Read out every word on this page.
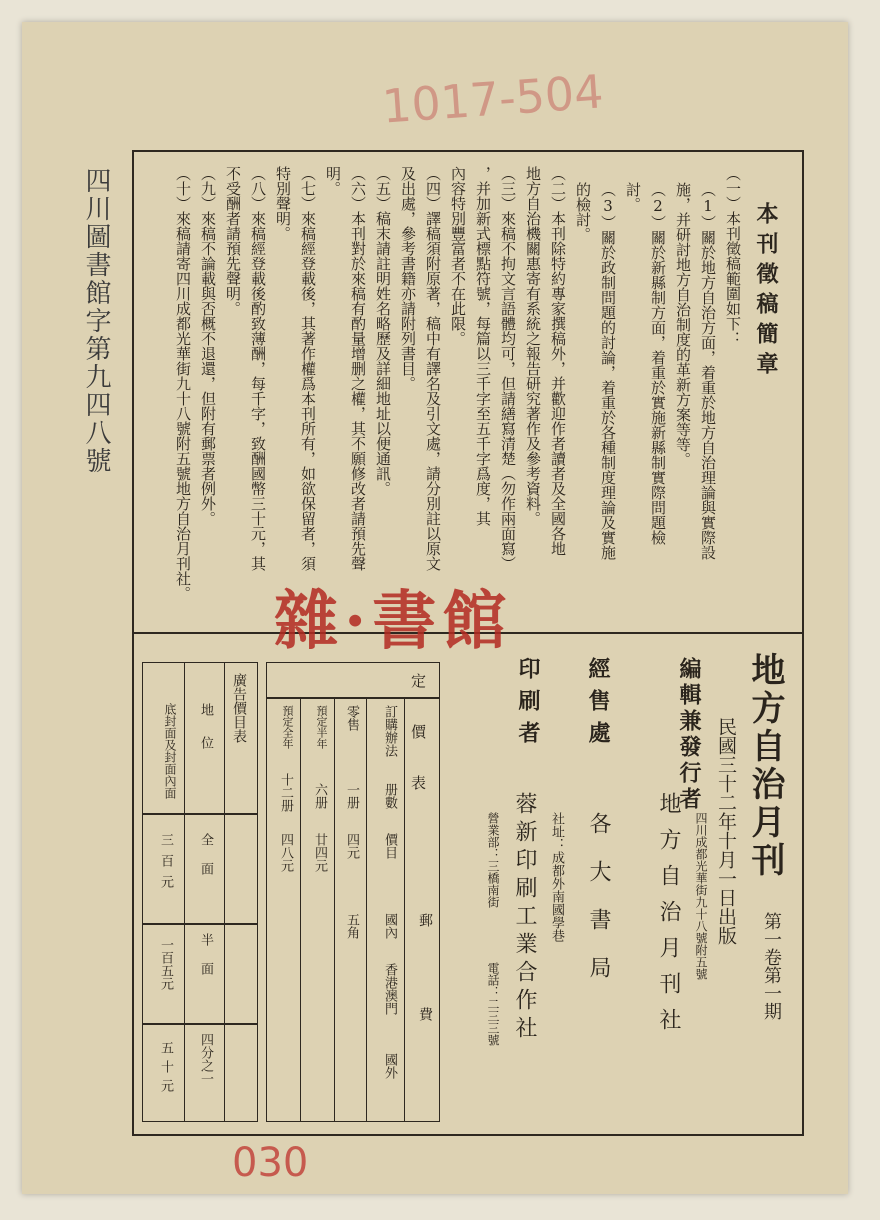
四川圖書館字第九四八號
1017-504
本刊徵稿簡章
（一）本刊徵稿範圍如下：
（1）關於地方自治方面，着重於地方自治理論與實際設
施，并研討地方自治制度的革新方案等等。
（2）關於新縣制方面，着重於實施新縣制實際問題檢
討。
（3）關於政制問題的討論，着重於各種制度理論及實施
的檢討。
（二）本刊除特約專家撰稿外，并歡迎作者讀者及全國各地
地方自治機關惠寄有系統之報告研究著作及參考資料。
（三）來稿不拘文言語體均可，但請繕寫清楚（勿作兩面寫）
，并加新式標點符號，每篇以三千字至五千字爲度，其
內容特別豐富者不在此限。
（四）譯稿須附原著，稿中有譯名及引文處，請分別註以原文
及出處，參考書籍亦請附列書目。
（五）稿末請註明姓名略歷及詳細地址以便通訊。
（六）本刊對於來稿有酌量增删之權，其不願修改者請預先聲
明。
（七）來稿經登載後，其著作權爲本刊所有，如欲保留者，須
特別聲明。
（八）來稿經登載後酌致薄酬，每千字，致酬國幣三十元，其
不受酬者請預先聲明。
（九）來稿不論載與否概不退還，但附有郵票者例外。
（十）來稿請寄四川成都光華街九十八號附五號地方自治月刊社。
地方自治月刊
第一卷第一期
民國三十二年十月一日出版
編輯兼發行者
地方自治月刊社 四川成都光華街九十八號附五號
經售處
各大書局
印刷者
蓉新印刷工業合作社 社址：成都外南國學巷
營業部：三橋南街
電話：二三三號
定價表
郵費
訂購辦法
册數
價目
國內
香港澳門
國外
零售
一册
四元
五角
預定半年
六册
廿四元
預定全年
十二册
四八元
廣告價目表
地位
全面
半面
四分之一
底封面及封面內面
三百元
一百五元
五十元
雜·書館
030
